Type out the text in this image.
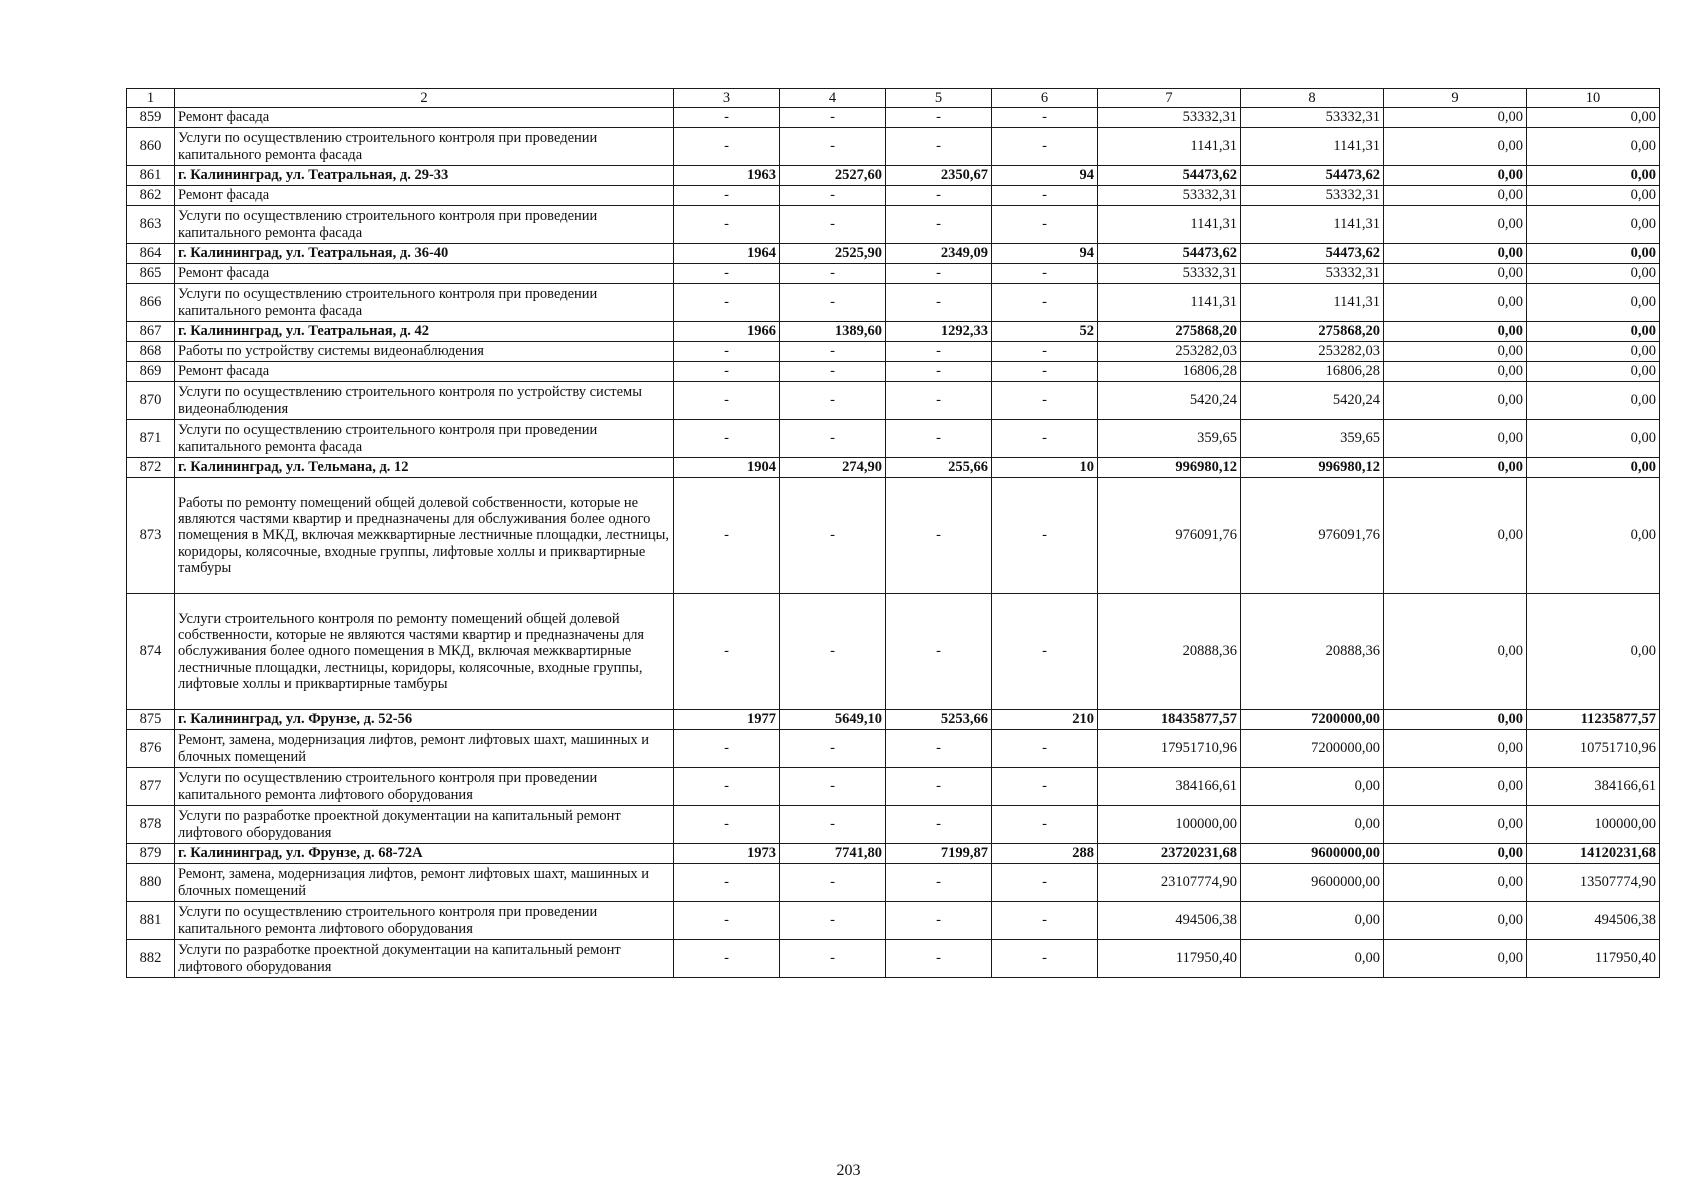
1	2	3	4	5	6	7	8	9	10
859	Ремонт фасада	-	-	-	-	53332,31	53332,31	0,00	0,00
860	Услуги по осуществлению строительного контроля при проведении капитального ремонта фасада	-	-	-	-	1141,31	1141,31	0,00	0,00
861	г. Калининград, ул. Театральная, д. 29-33	1963	2527,60	2350,67	94	54473,62	54473,62	0,00	0,00
862	Ремонт фасада	-	-	-	-	53332,31	53332,31	0,00	0,00
863	Услуги по осуществлению строительного контроля при проведении капитального ремонта фасада	-	-	-	-	1141,31	1141,31	0,00	0,00
864	г. Калининград, ул. Театральная, д. 36-40	1964	2525,90	2349,09	94	54473,62	54473,62	0,00	0,00
865	Ремонт фасада	-	-	-	-	53332,31	53332,31	0,00	0,00
866	Услуги по осуществлению строительного контроля при проведении капитального ремонта фасада	-	-	-	-	1141,31	1141,31	0,00	0,00
867	г. Калининград, ул. Театральная, д. 42	1966	1389,60	1292,33	52	275868,20	275868,20	0,00	0,00
868	Работы по устройству системы видеонаблюдения	-	-	-	-	253282,03	253282,03	0,00	0,00
869	Ремонт фасада	-	-	-	-	16806,28	16806,28	0,00	0,00
870	Услуги по осуществлению строительного контроля по устройству системы видеонаблюдения	-	-	-	-	5420,24	5420,24	0,00	0,00
871	Услуги по осуществлению строительного контроля при проведении капитального ремонта фасада	-	-	-	-	359,65	359,65	0,00	0,00
872	г. Калининград, ул. Тельмана, д. 12	1904	274,90	255,66	10	996980,12	996980,12	0,00	0,00
873	Работы по ремонту помещений общей долевой собственности, которые не являются частями квартир и предназначены для обслуживания более одного помещения в МКД, включая межквартирные лестничные площадки, лестницы, коридоры, колясочные, входные группы, лифтовые холлы и приквартирные тамбуры	-	-	-	-	976091,76	976091,76	0,00	0,00
874	Услуги строительного контроля по ремонту помещений общей долевой собственности, которые не являются частями квартир и предназначены для обслуживания более одного помещения в МКД, включая межквартирные лестничные площадки, лестницы, коридоры, колясочные, входные группы, лифтовые холлы и приквартирные тамбуры	-	-	-	-	20888,36	20888,36	0,00	0,00
875	г. Калининград, ул. Фрунзе, д. 52-56	1977	5649,10	5253,66	210	18435877,57	7200000,00	0,00	11235877,57
876	Ремонт, замена, модернизация лифтов, ремонт лифтовых шахт, машинных и блочных помещений	-	-	-	-	17951710,96	7200000,00	0,00	10751710,96
877	Услуги по осуществлению строительного контроля при проведении капитального ремонта лифтового оборудования	-	-	-	-	384166,61	0,00	0,00	384166,61
878	Услуги по разработке проектной документации на капитальный ремонт лифтового оборудования	-	-	-	-	100000,00	0,00	0,00	100000,00
879	г. Калининград, ул. Фрунзе, д. 68-72А	1973	7741,80	7199,87	288	23720231,68	9600000,00	0,00	14120231,68
880	Ремонт, замена, модернизация лифтов, ремонт лифтовых шахт, машинных и блочных помещений	-	-	-	-	23107774,90	9600000,00	0,00	13507774,90
881	Услуги по осуществлению строительного контроля при проведении капитального ремонта лифтового оборудования	-	-	-	-	494506,38	0,00	0,00	494506,38
882	Услуги по разработке проектной документации на капитальный ремонт лифтового оборудования	-	-	-	-	117950,40	0,00	0,00	117950,40
203
